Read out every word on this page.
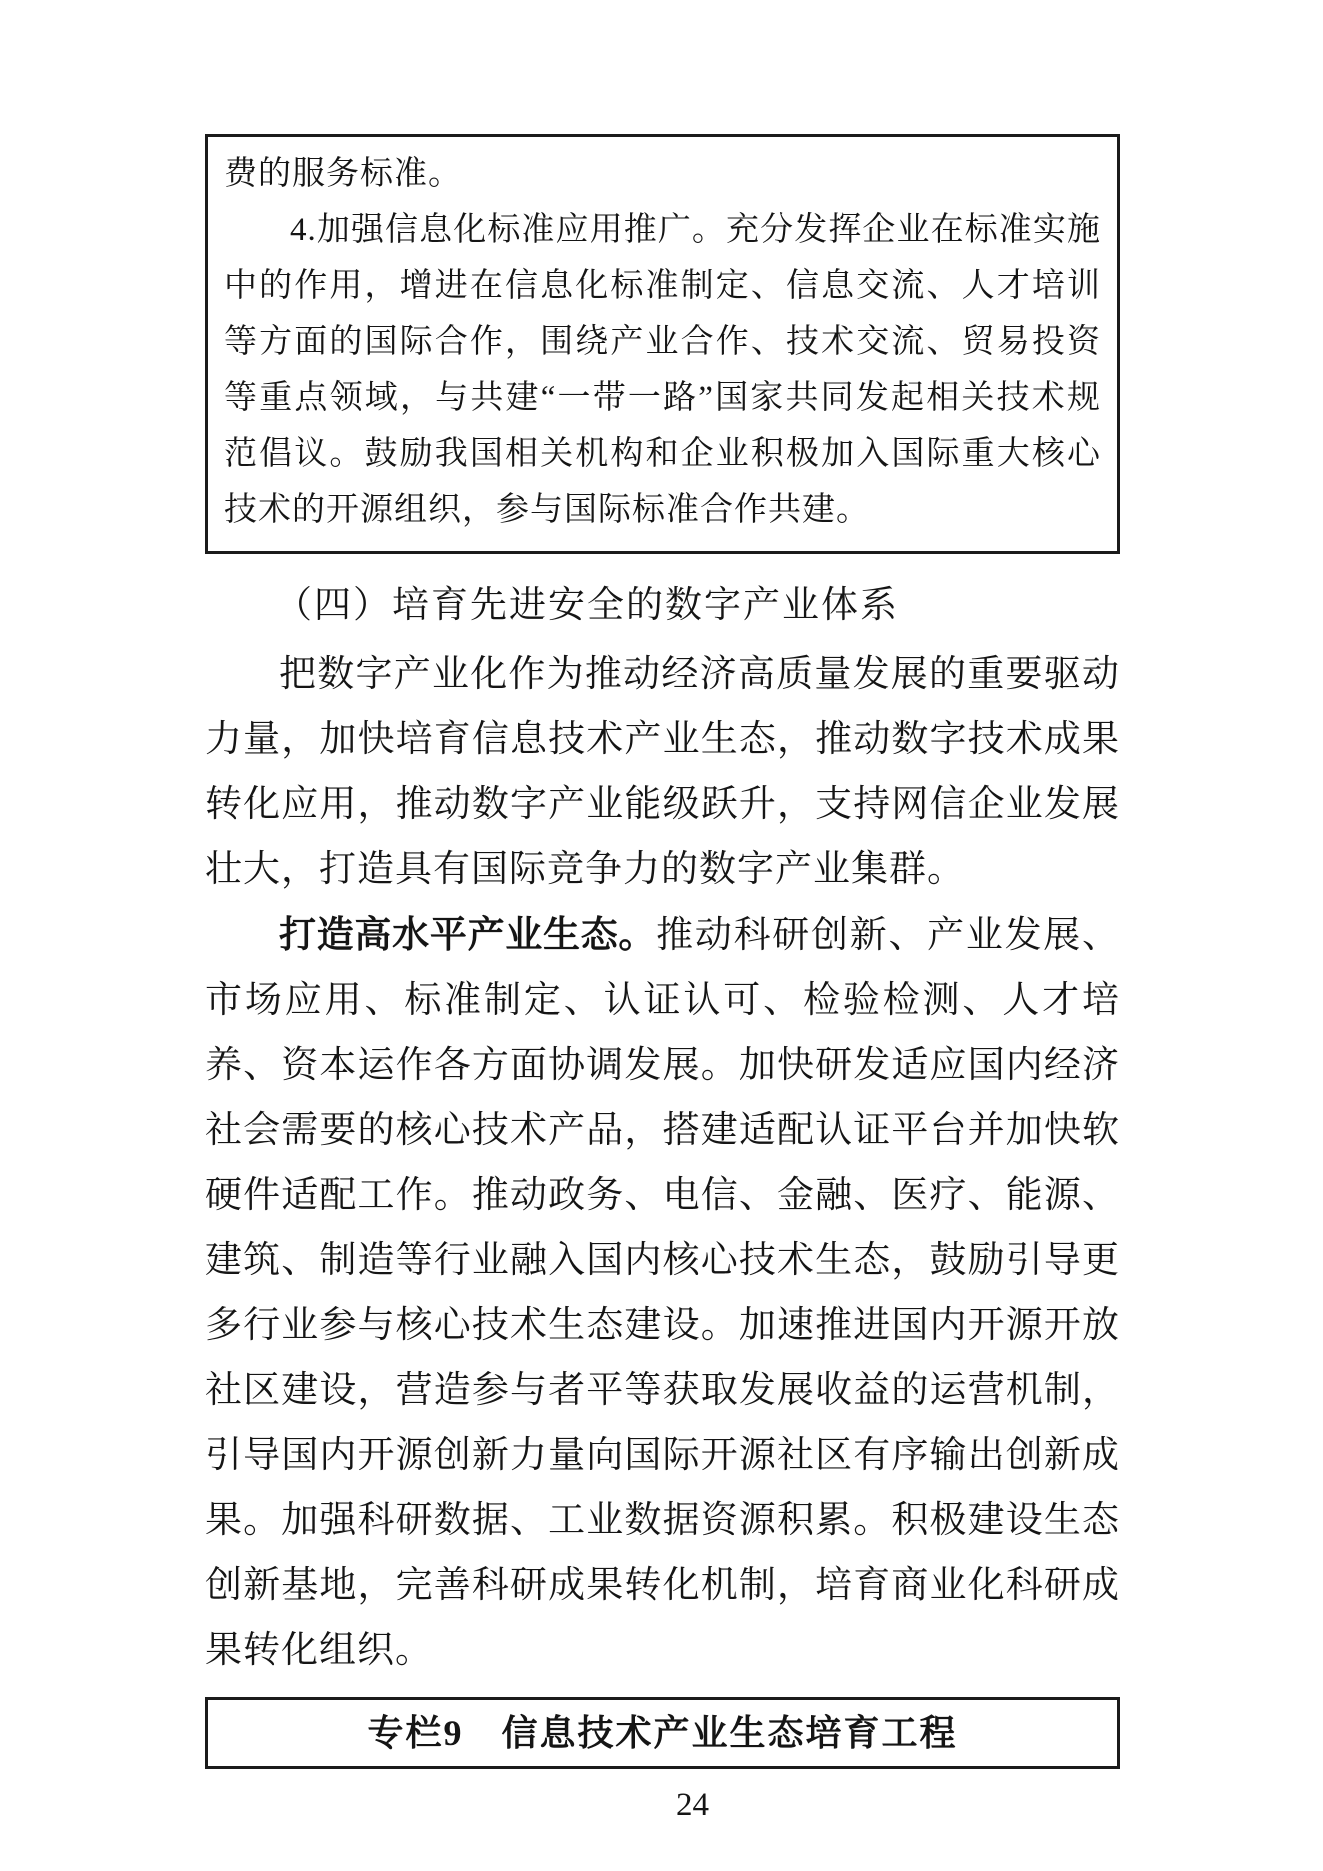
费的服务标准。

4.加强信息化标准应用推广。充分发挥企业在标准实施中的作用，增进在信息化标准制定、信息交流、人才培训等方面的国际合作，围绕产业合作、技术交流、贸易投资等重点领域，与共建“一带一路”国家共同发起相关技术规范倡议。鼓励我国相关机构和企业积极加入国际重大核心技术的开源组织，参与国际标准合作共建。

（四）培育先进安全的数字产业体系

把数字产业化作为推动经济高质量发展的重要驱动力量，加快培育信息技术产业生态，推动数字技术成果转化应用，推动数字产业能级跃升，支持网信企业发展壮大，打造具有国际竞争力的数字产业集群。

打造高水平产业生态。推动科研创新、产业发展、市场应用、标准制定、认证认可、检验检测、人才培养、资本运作各方面协调发展。加快研发适应国内经济社会需要的核心技术产品，搭建适配认证平台并加快软硬件适配工作。推动政务、电信、金融、医疗、能源、建筑、制造等行业融入国内核心技术生态，鼓励引导更多行业参与核心技术生态建设。加速推进国内开源开放社区建设，营造参与者平等获取发展收益的运营机制，引导国内开源创新力量向国际开源社区有序输出创新成果。加强科研数据、工业数据资源积累。积极建设生态创新基地，完善科研成果转化机制，培育商业化科研成果转化组织。

专栏9　信息技术产业生态培育工程

24
